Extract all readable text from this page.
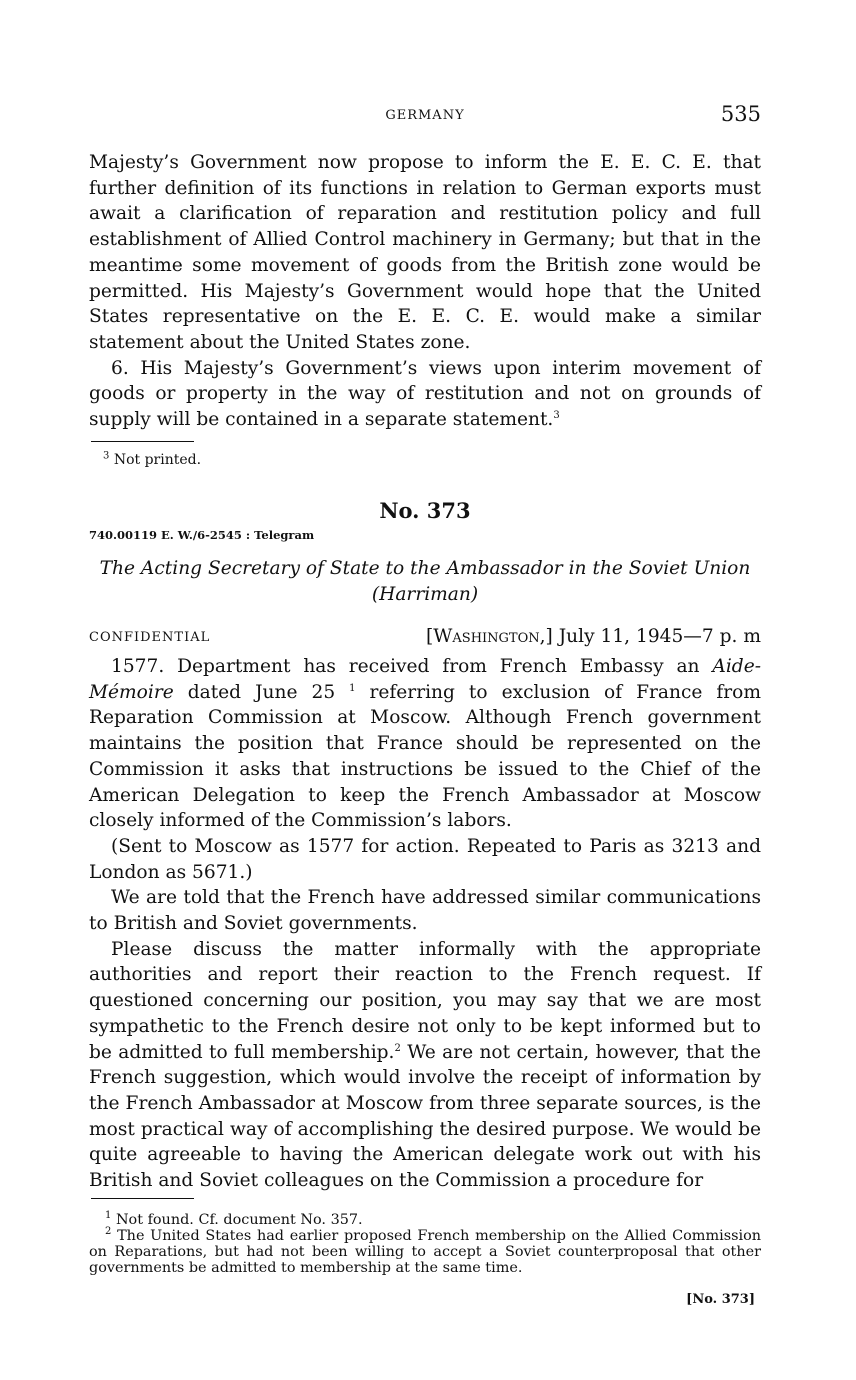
GERMANY	535

Majesty’s Government now propose to inform the E. E. C. E. that further definition of its functions in relation to German exports must await a clarification of reparation and restitution policy and full establishment of Allied Control machinery in Germany; but that in the meantime some movement of goods from the British zone would be permitted. His Majesty’s Government would hope that the United States representative on the E. E. C. E. would make a similar statement about the United States zone.

6. His Majesty’s Government’s views upon interim movement of goods or property in the way of restitution and not on grounds of supply will be contained in a separate statement.$^3$

$^3$ Not printed.

No. 373
740.00119 E. W./6-2545 : Telegram
The Acting Secretary of State to the Ambassador in the Soviet Union
(Harriman)
CONFIDENTIAL	[Washington,] July 11, 1945—7 p. m

1577. Department has received from French Embassy an Aide-Mémoire dated June 25 $^1$ referring to exclusion of France from Reparation Commission at Moscow. Although French government maintains the position that France should be represented on the Commission it asks that instructions be issued to the Chief of the American Delegation to keep the French Ambassador at Moscow closely informed of the Commission’s labors.

(Sent to Moscow as 1577 for action. Repeated to Paris as 3213 and London as 5671.)

We are told that the French have addressed similar communications to British and Soviet governments.

Please discuss the matter informally with the appropriate authorities and report their reaction to the French request. If questioned concerning our position, you may say that we are most sympathetic to the French desire not only to be kept informed but to be admitted to full membership.$^2$ We are not certain, however, that the French suggestion, which would involve the receipt of information by the French Ambassador at Moscow from three separate sources, is the most practical way of accomplishing the desired purpose. We would be quite agreeable to having the American delegate work out with his British and Soviet colleagues on the Commission a procedure for

$^1$ Not found. Cf. document No. 357.

$^2$ The United States had earlier proposed French membership on the Allied Commission on Reparations, but had not been willing to accept a Soviet counterproposal that other governments be admitted to membership at the same time.

[No. 373]
